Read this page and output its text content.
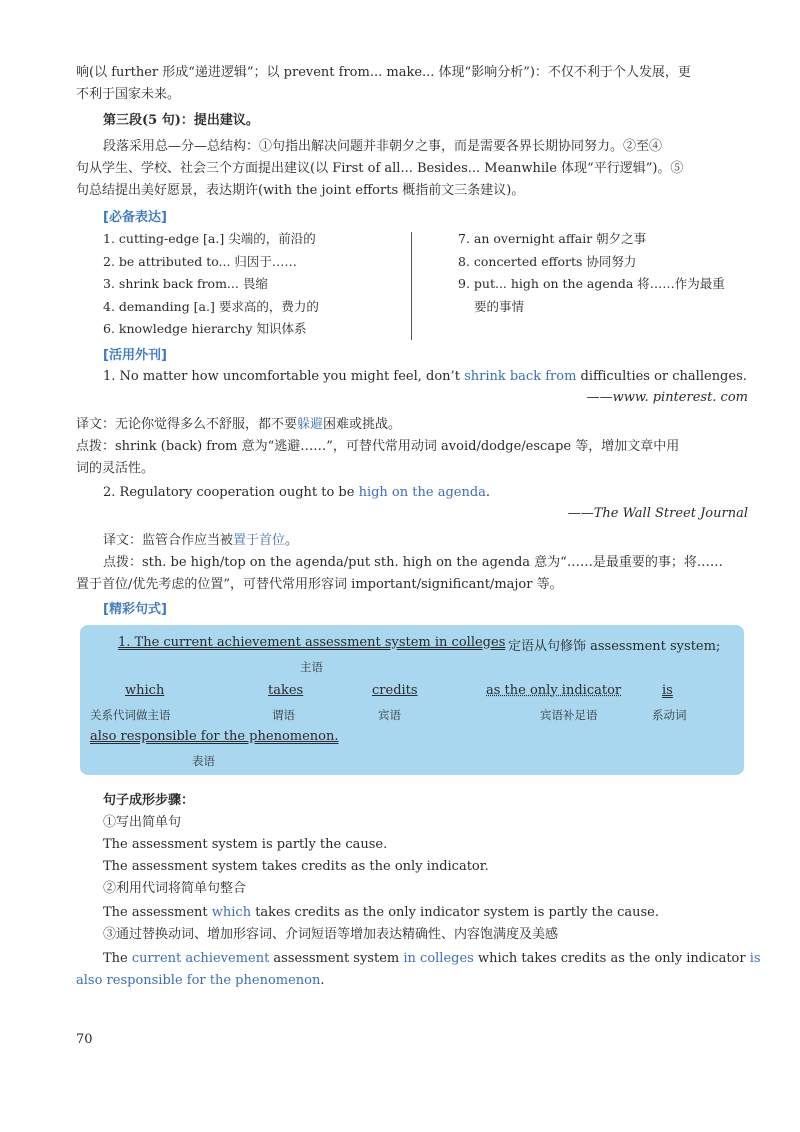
响(以 further 形成“递进逻辑”；以 prevent from... make... 体现“影响分析”)：不仅不利于个人发展，更
不利于国家未来。
第三段(5 句)：提出建议。
段落采用总—分—总结构：①句指出解决问题并非朝夕之事，而是需要各界长期协同努力。②至④
句从学生、学校、社会三个方面提出建议(以 First of all... Besides... Meanwhile 体现“平行逻辑”)。⑤
句总结提出美好愿景，表达期许(with the joint efforts 概指前文三条建议)。
[必备表达]
1. cutting-edge [a.] 尖端的，前沿的
2. be attributed to... 归因于……
3. shrink back from... 畏缩
4. demanding [a.] 要求高的，费力的
6. knowledge hierarchy 知识体系
7. an overnight affair 朝夕之事
8. concerted efforts 协同努力
9. put... high on the agenda 将……作为最重
要的事情
[活用外刊]
1. No matter how uncomfortable you might feel, don’t shrink back from difficulties or challenges.
——www. pinterest. com
译文：无论你觉得多么不舒服，都不要躲避困难或挑战。
点拨：shrink (back) from 意为“逃避……”，可替代常用动词 avoid/dodge/escape 等，增加文章中用
词的灵活性。
2. Regulatory cooperation ought to be high on the agenda.
——The Wall Street Journal
译文：监管合作应当被置于首位。
点拨：sth. be high/top on the agenda/put sth. high on the agenda 意为“……是最重要的事；将……
置于首位/优先考虑的位置”，可替代常用形容词 important/significant/major 等。
[精彩句式]
1. The current achievement assessment system in colleges 定语从句修饰 assessment system;
主语
which
关系代词做主语
takes
谓语
credits
宾语
as the only indicator
宾语补足语
is
系动词
also responsible for the phenomenon.
表语
句子成形步骤：
①写出简单句
The assessment system is partly the cause.
The assessment system takes credits as the only indicator.
②利用代词将简单句整合
The assessment which takes credits as the only indicator system is partly the cause.
③通过替换动词、增加形容词、介词短语等增加表达精确性、内容饱满度及美感
The current achievement assessment system in colleges which takes credits as the only indicator is
also responsible for the phenomenon.
70
